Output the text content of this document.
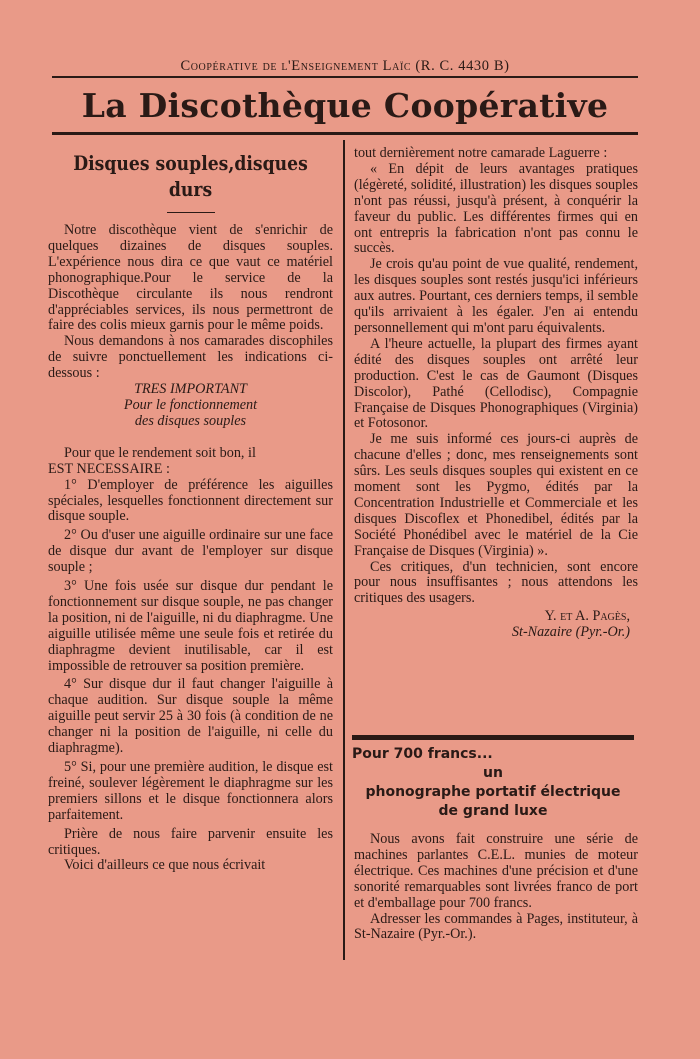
Coopérative de l'Enseignement Laïc (R. C. 4430 B)
La Discothèque Coopérative
Disques souples,disques durs

Notre discothèque vient de s'enrichir de quelques dizaines de disques souples. L'expérience nous dira ce que vaut ce matériel phonographique.Pour le service de la Discothèque circulante ils nous rendront d'appréciables services, ils nous permettront de faire des colis mieux garnis pour le même poids.

Nous demandons à nos camarades discophiles de suivre ponctuellement les indications ci-dessous :

TRES IMPORTANT

Pour le fonctionnement

des disques souples

Pour que le rendement soit bon, il

EST NECESSAIRE :

1° D'employer de préférence les aiguilles spéciales, lesquelles fonctionnent directement sur disque souple.

2° Ou d'user une aiguille ordinaire sur une face de disque dur avant de l'employer sur disque souple ;

3° Une fois usée sur disque dur pendant le fonctionnement sur disque souple, ne pas changer la position, ni de l'aiguille, ni du diaphragme. Une aiguille utilisée même une seule fois et retirée du diaphragme devient inutilisable, car il est impossible de retrouver sa position première.

4° Sur disque dur il faut changer l'aiguille à chaque audition. Sur disque souple la même aiguille peut servir 25 à 30 fois (à condition de ne changer ni la position de l'aiguille, ni celle du diaphragme).

5° Si, pour une première audition, le disque est freiné, soulever légèrement le diaphragme sur les premiers sillons et le disque fonctionnera alors parfaitement.

Prière de nous faire parvenir ensuite les critiques.

Voici d'ailleurs ce que nous écrivait

tout dernièrement notre camarade Laguerre :

« En dépit de leurs avantages pratiques (légèreté, solidité, illustration) les disques souples n'ont pas réussi, jusqu'à présent, à conquérir la faveur du public. Les différentes firmes qui en ont entrepris la fabrication n'ont pas connu le succès.

Je crois qu'au point de vue qualité, rendement, les disques souples sont restés jusqu'ici inférieurs aux autres. Pourtant, ces derniers temps, il semble qu'ils arrivaient à les égaler. J'en ai entendu personnellement qui m'ont paru équivalents.

A l'heure actuelle, la plupart des firmes ayant édité des disques souples ont arrêté leur production. C'est le cas de Gaumont (Disques Discolor), Pathé (Cellodisc), Compagnie Française de Disques Phonographiques (Virginia) et Fotosonor.

Je me suis informé ces jours-ci auprès de chacune d'elles ; donc, mes renseignements sont sûrs. Les seuls disques souples qui existent en ce moment sont les Pygmo, édités par la Concentration Industrielle et Commerciale et les disques Discoflex et Phonedibel, édités par la Société Phonédibel avec le matériel de la Cie Française de Disques (Virginia) ».

Ces critiques, d'un technicien, sont encore pour nous insuffisantes ; nous attendons les critiques des usagers.

Y. et A. Pagès,

St-Nazaire (Pyr.-Or.)

Pour 700 francs...
un
phonographe portatif électrique
de grand luxe

Nous avons fait construire une série de machines parlantes C.E.L. munies de moteur électrique. Ces machines d'une précision et d'une sonorité remarquables sont livrées franco de port et d'emballage pour 700 francs.

Adresser les commandes à Pages, instituteur, à St-Nazaire (Pyr.-Or.).
